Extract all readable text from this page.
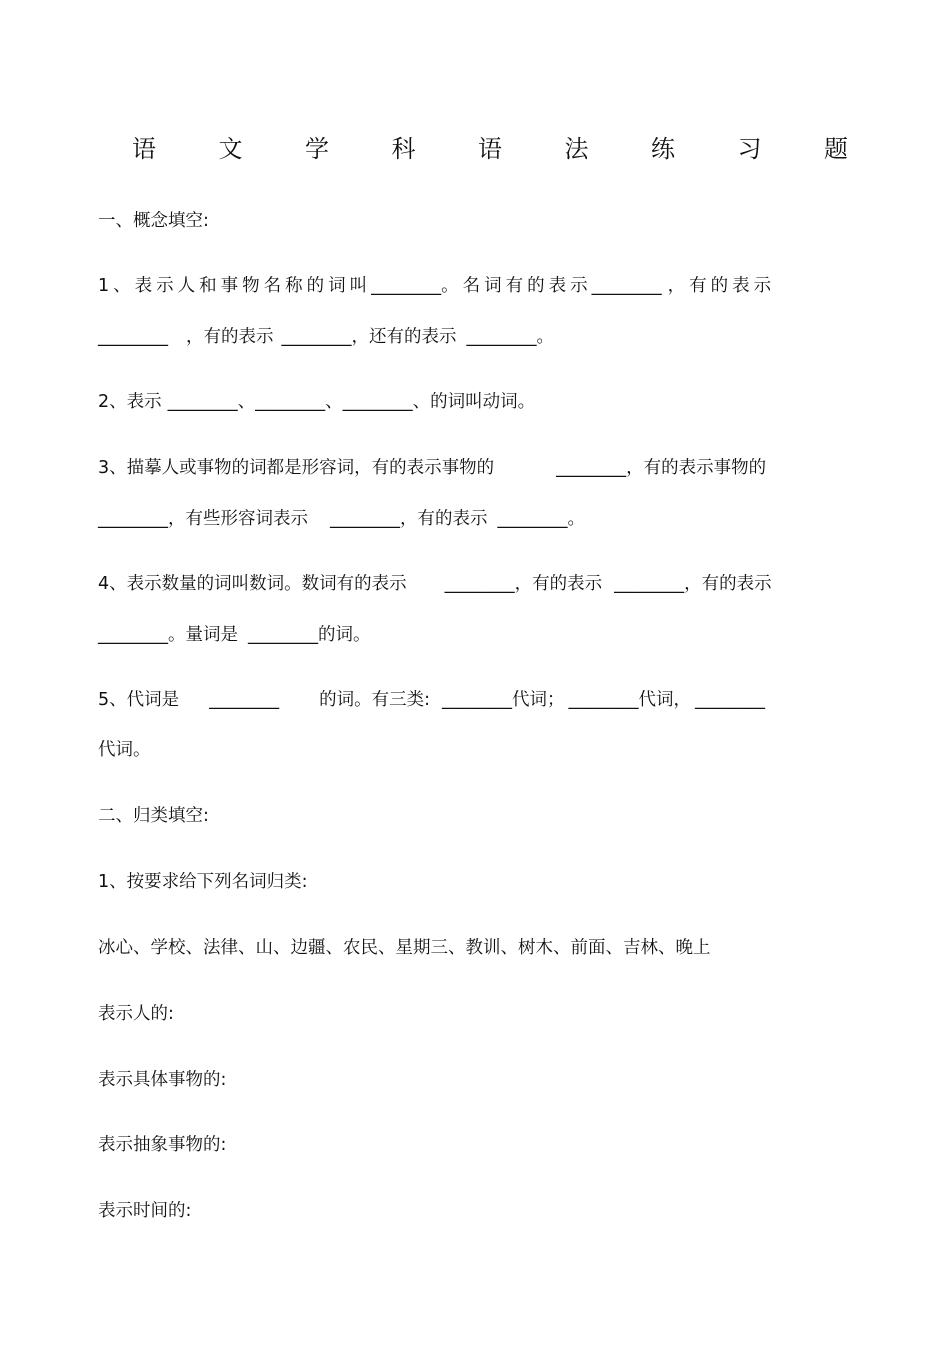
语	文	学	科	语	法	练	习	题
一、概念填空:
1、表示人和事物名称的词叫________。名词有的表示________ ，有的表示
________ ，有的表示 ________，还有的表示 ________。
2、表示 ________、________、________、的词叫动词。
3、描摹人或事物的词都是形容词，有的表示事物的	________，有的表示事物的
________，有些形容词表示 ________，有的表示 ________。
4、表示数量的词叫数词。数词有的表示 ________，有的表示 ________，有的表示
________。量词是 ________的词。
5、代词是 ________ 的词。有三类: ________代词； ________代词， ________
代词。
二、归类填空:
1、按要求给下列名词归类:
冰心、学校、法律、山、边疆、农民、星期三、教训、树木、前面、吉林、晚上
表示人的:
表示具体事物的:
表示抽象事物的:
表示时间的:
